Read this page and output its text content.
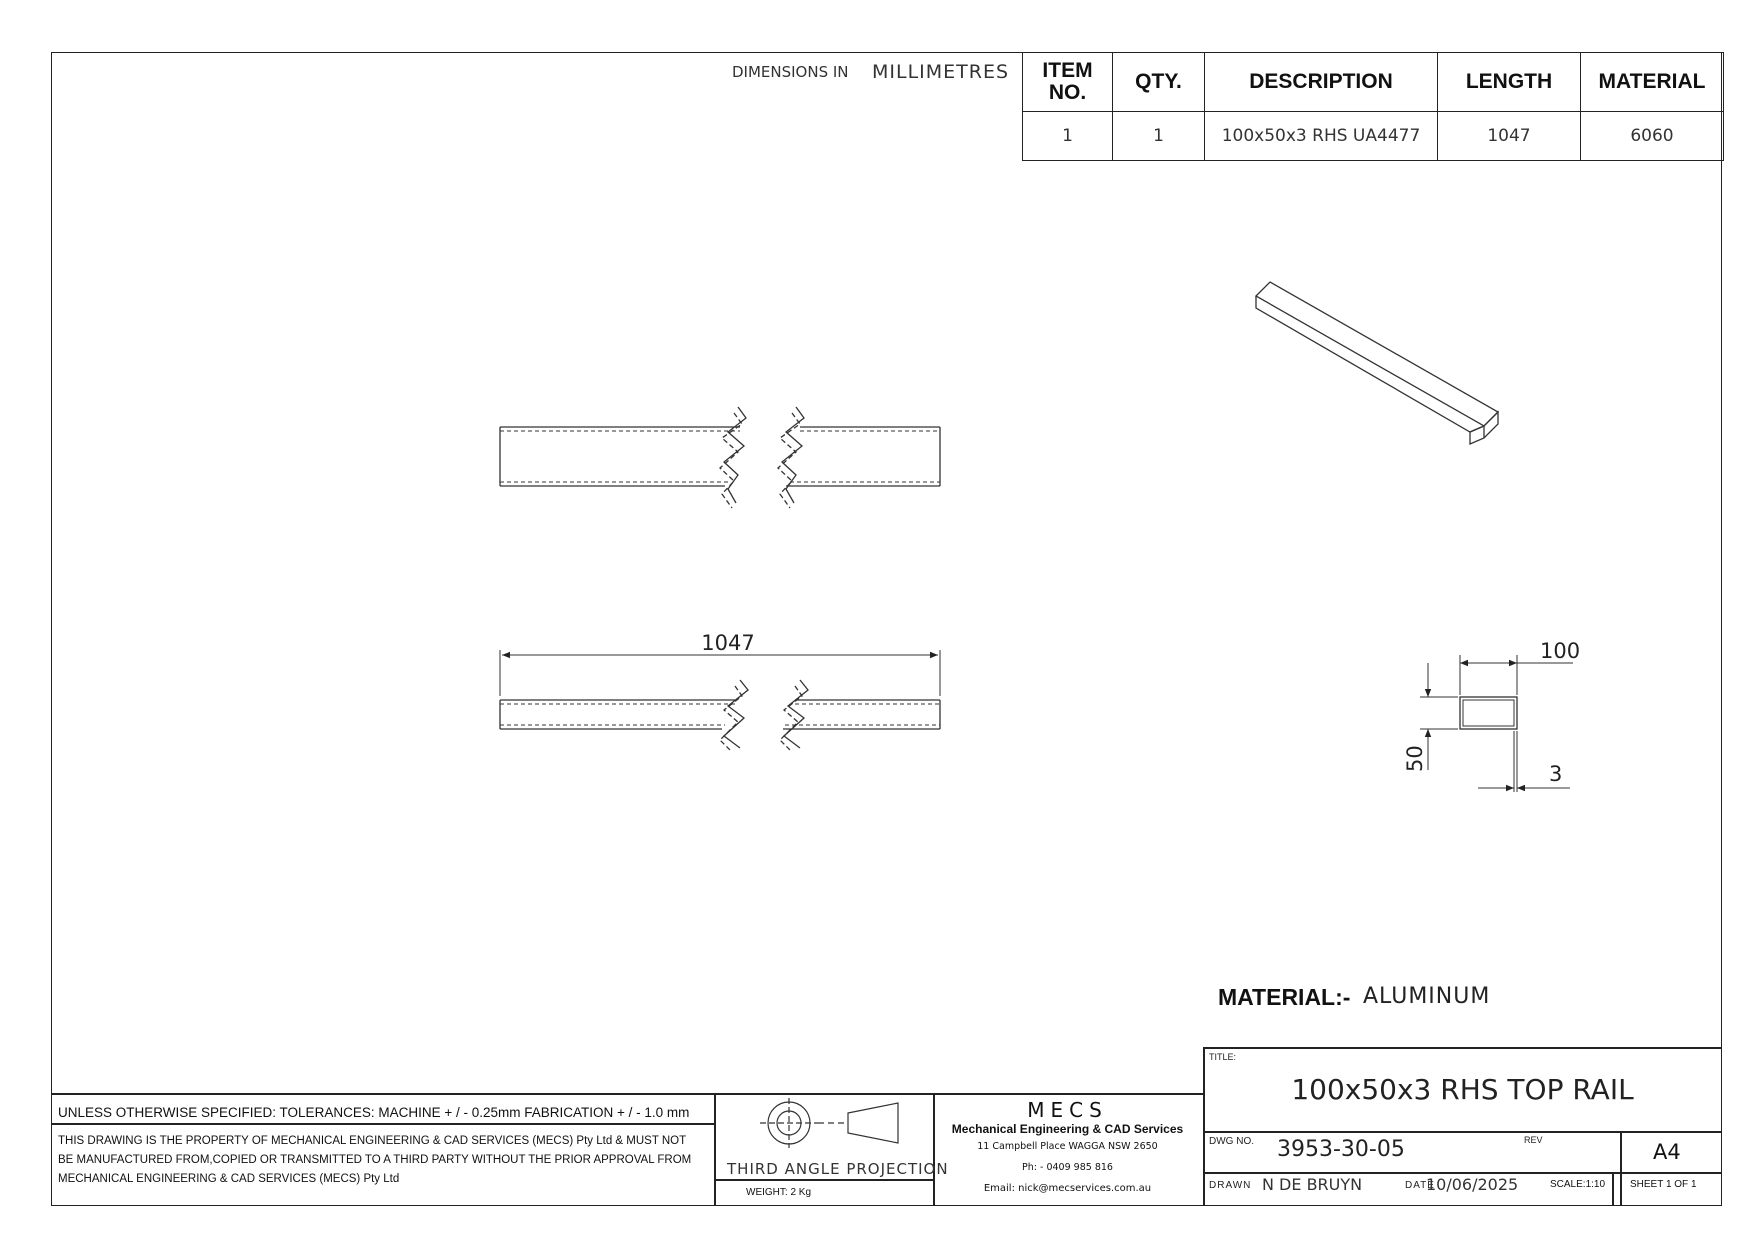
DIMENSIONS IN MILLIMETRES ITEM
NO.	QTY.	DESCRIPTION	LENGTH	MATERIAL
1	1	100x50x3 RHS UA4477	1047	6060
1047	100
50
3
MATERIAL:- ALUMINUM
UNLESS OTHERWISE SPECIFIED: TOLERANCES: MACHINE + / - 0.25mm FABRICATION + / - 1.0 mm
THIS DRAWING IS THE PROPERTY OF MECHANICAL ENGINEERING & CAD SERVICES (MECS) Pty Ltd & MUST NOT BE MANUFACTURED FROM,COPIED OR TRANSMITTED TO A THIRD PARTY WITHOUT THE PRIOR APPROVAL FROM MECHANICAL ENGINEERING & CAD SERVICES (MECS) Pty Ltd
THIRD ANGLE PROJECTION
WEIGHT: 2 Kg
MECS
Mechanical Engineering & CAD Services
11 Campbell Place WAGGA NSW 2650
Ph: - 0409 985 816
Email: nick@mecservices.com.au
TITLE:
100x50x3 RHS TOP RAIL
DWG NO. 3953-30-05	REV	A4
DRAWN N DE BRUYN	DATE
10/06/2025	SCALE:1:10 SHEET 1 OF 1
